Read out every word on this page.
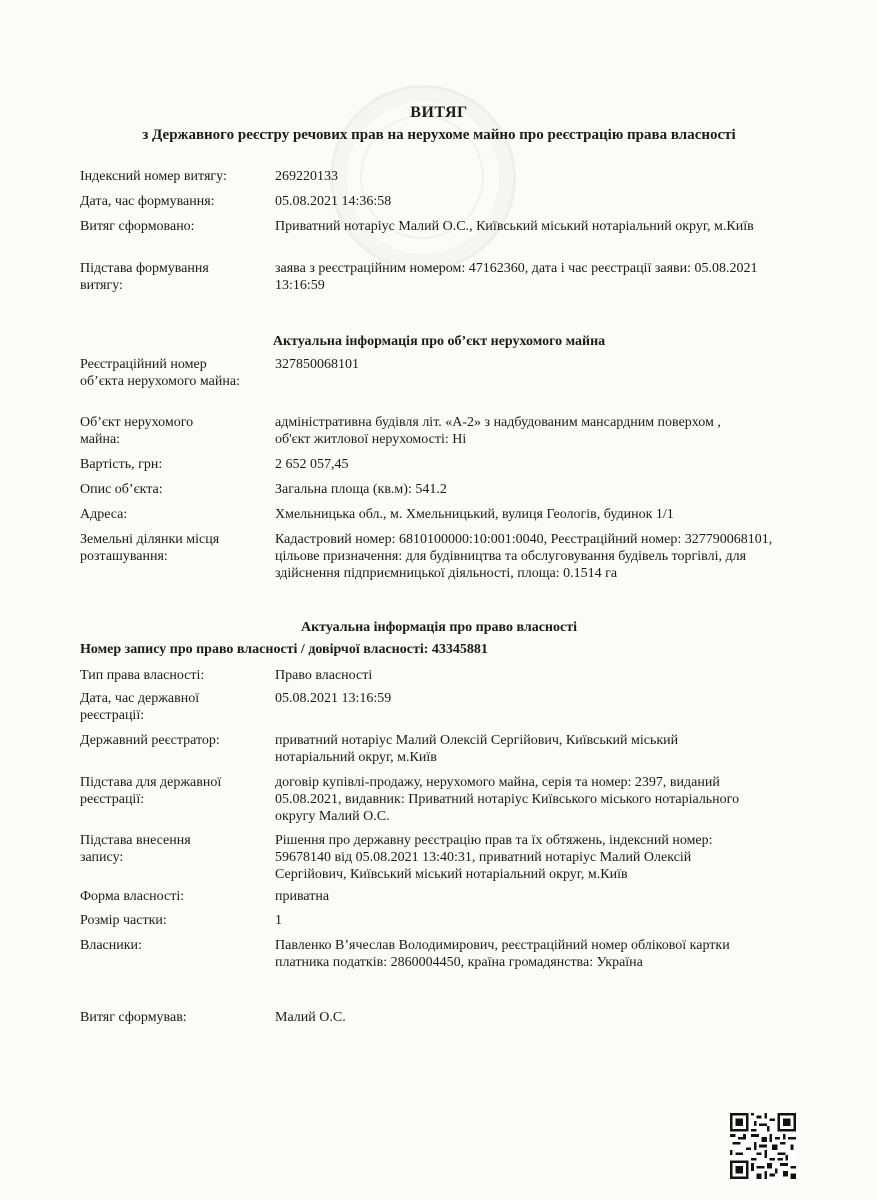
ВИТЯГ
з Державного реєстру речових прав на нерухоме майно про реєстрацію права власності
Індексний номер витягу:	269220133
Дата, час формування:	05.08.2021 14:36:58
Витяг сформовано:	Приватний нотаріус Малий О.С., Київський міський нотаріальний округ, м.Київ
Підстава формування витягу:
заява з реєстраційним номером: 47162360, дата і час реєстрації заяви: 05.08.2021 13:16:59
Актуальна інформація про об’єкт нерухомого майна
Реєстраційний номер об’єкта нерухомого майна:
327850068101
Об’єкт нерухомого майна:
адміністративна будівля літ. «А-2» з надбудованим мансардним поверхом , об'єкт житлової нерухомості: Ні
Вартість, грн:	2 652 057,45
Опис об’єкта:	Загальна площа (кв.м): 541.2
Адреса:	Хмельницька обл., м. Хмельницький, вулиця Геологів, будинок 1/1
Земельні ділянки місця розташування:
Кадастровий номер: 6810100000:10:001:0040, Реєстраційний номер: 327790068101, цільове призначення: для будівництва та обслуговування будівель торгівлі, для здійснення підприємницької діяльності, площа: 0.1514 га
Актуальна інформація про право власності
Номер запису про право власності / довірчої власності: 43345881
Тип права власності:	Право власності
Дата, час державної реєстрації:
05.08.2021 13:16:59
Державний реєстратор:	приватний нотаріус Малий Олексій Сергійович, Київський міський нотаріальний округ, м.Київ
Підстава для державної реєстрації:
договір купівлі-продажу, нерухомого майна, серія та номер: 2397, виданий 05.08.2021, видавник: Приватний нотаріус Київського міського нотаріального округу Малий О.С.
Підстава внесення запису:
Рішення про державну реєстрацію прав та їх обтяжень, індексний номер: 59678140 від 05.08.2021 13:40:31, приватний нотаріус Малий Олексій Сергійович, Київський міський нотаріальний округ, м.Київ
Форма власності:	приватна
Розмір частки:	1
Власники:	Павленко В’ячеслав Володимирович, реєстраційний номер облікової картки платника податків: 2860004450, країна громадянства: Україна
Витяг сформував:	Малий О.С.
